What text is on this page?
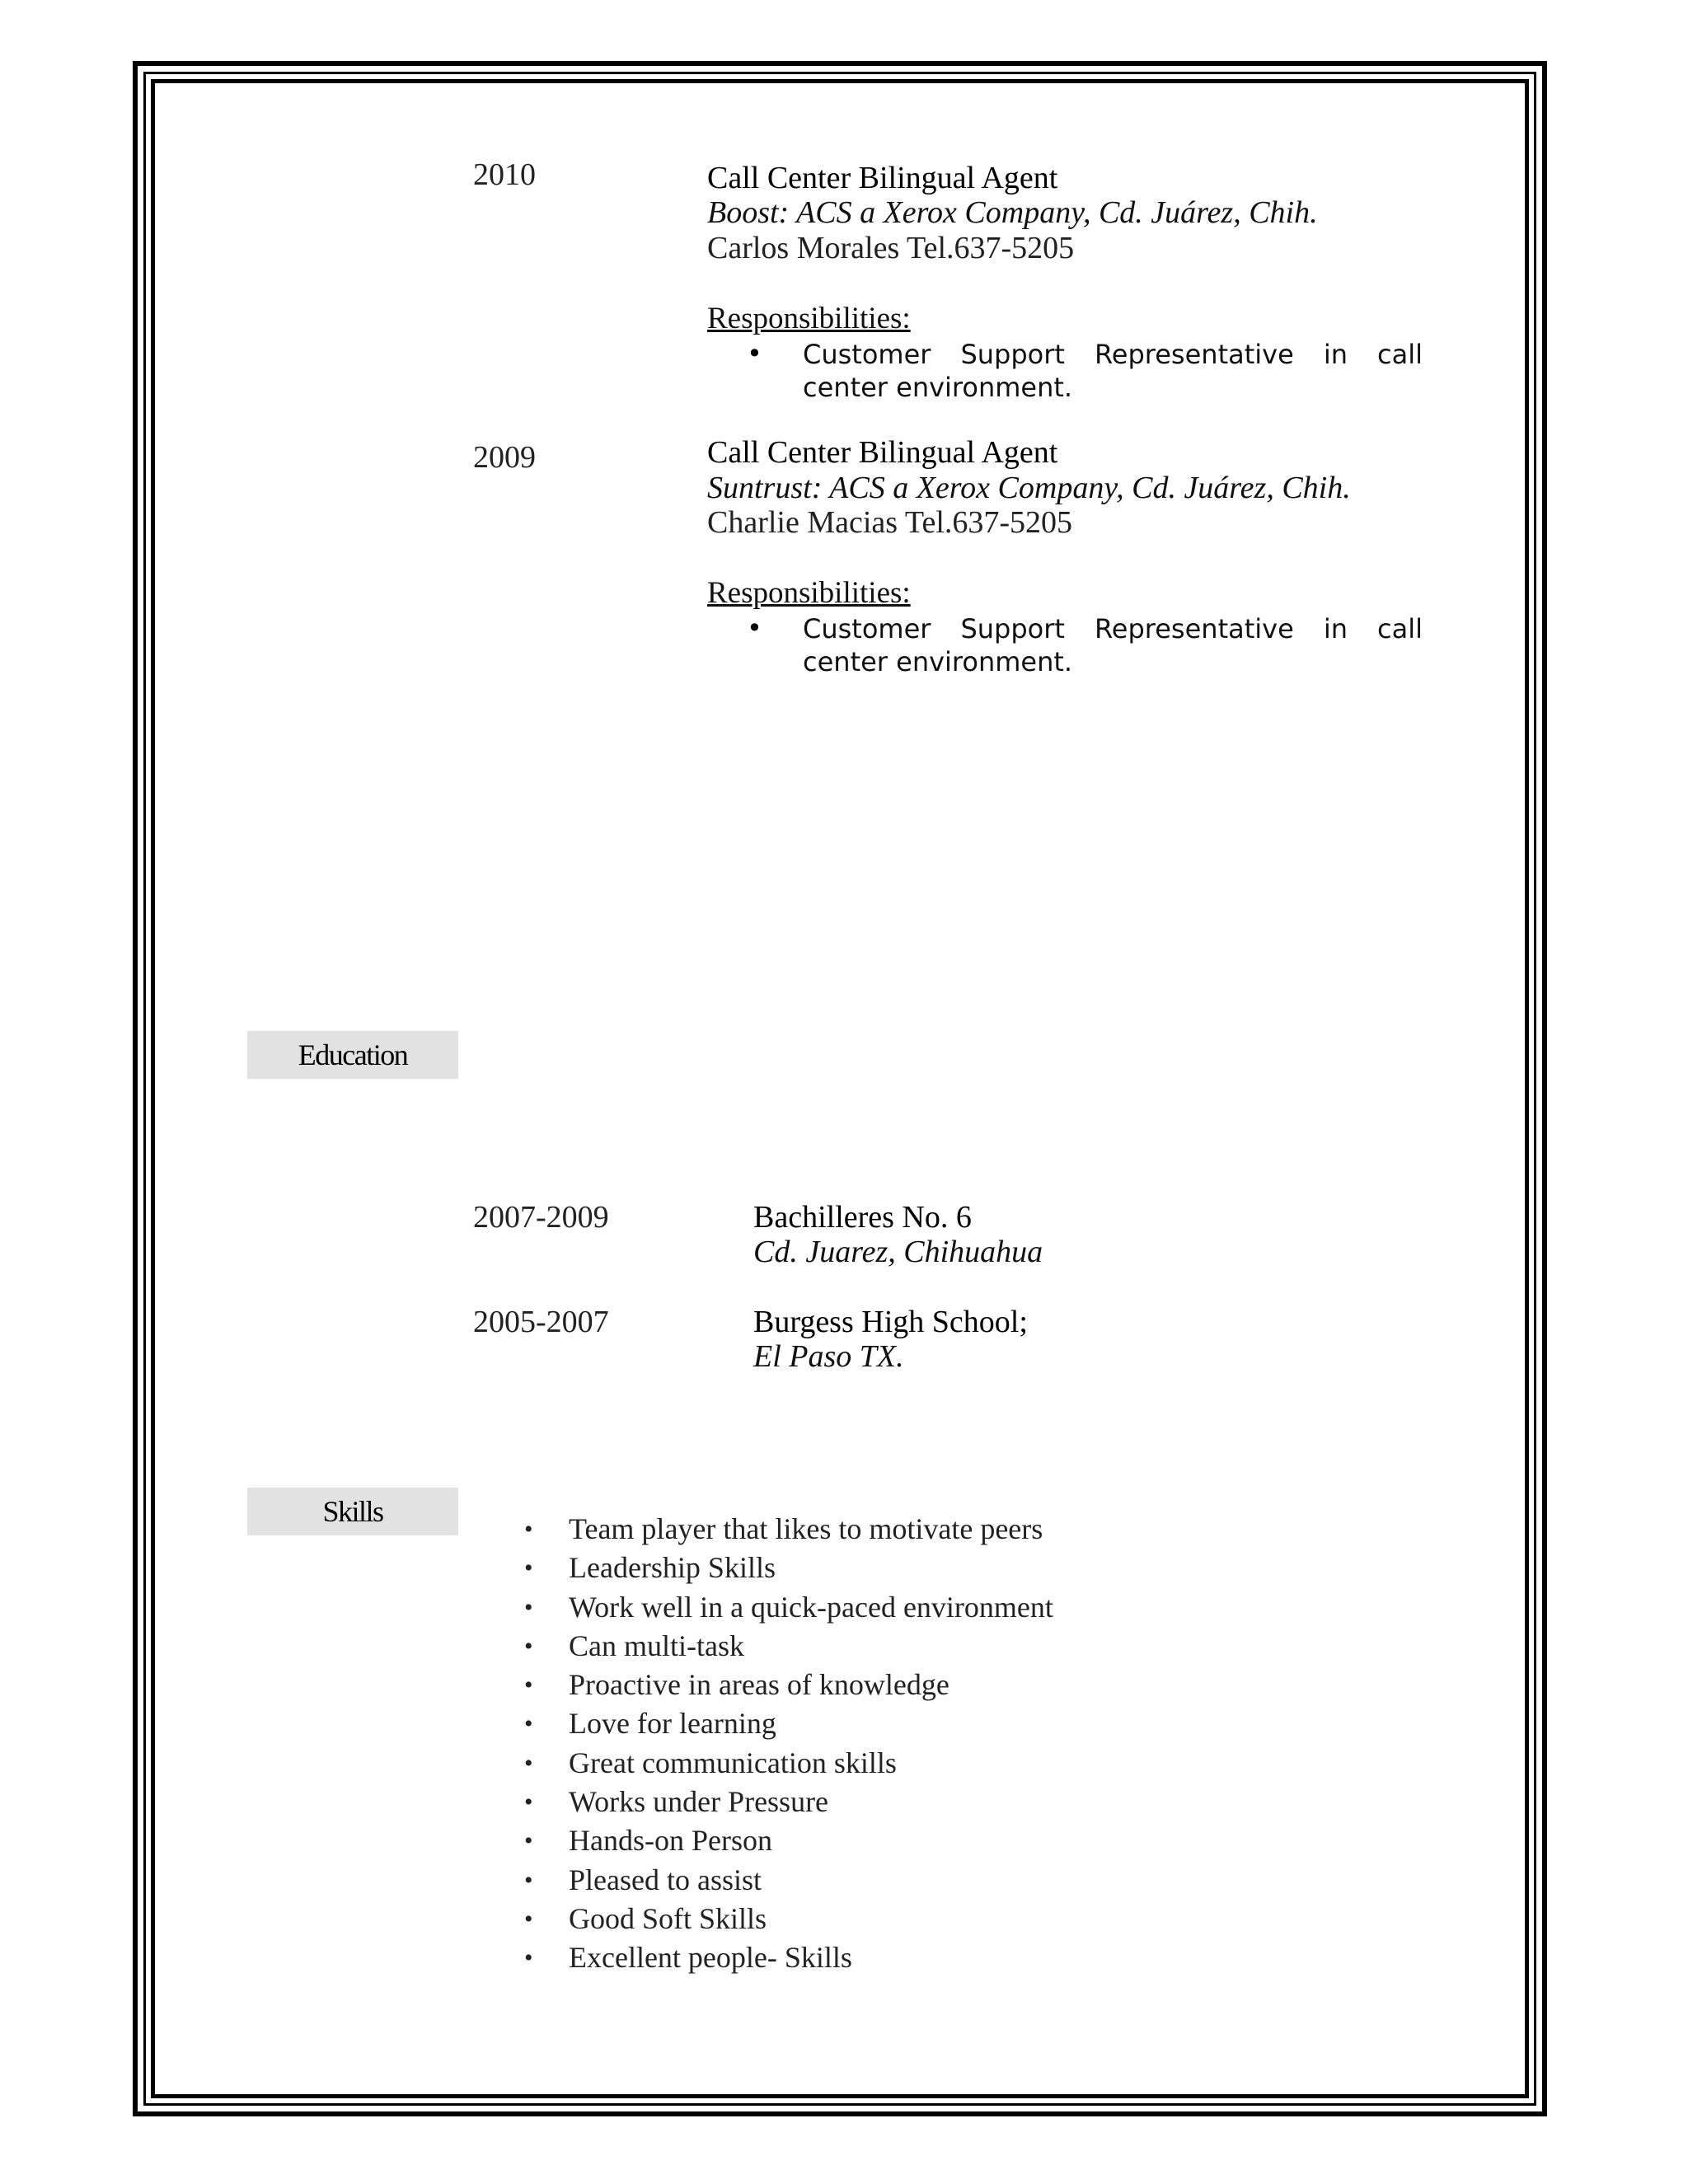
2010	Call Center Bilingual Agent
Boost: ACS a Xerox Company, Cd. Juárez, Chih.
Carlos Morales Tel.637-5205
Responsibilities:
• Customer Support Representative in call center environment.
2009	Call Center Bilingual Agent
Suntrust: ACS a Xerox Company, Cd. Juárez, Chih.
Charlie Macias Tel.637-5205
Responsibilities:
• Customer Support Representative in call center environment.
Education
2007-2009	Bachilleres No. 6
Cd. Juarez, Chihuahua
2005-2007	Burgess High School;
El Paso TX.
Skills
• Team player that likes to motivate peers
• Leadership Skills
• Work well in a quick-paced environment
• Can multi-task
• Proactive in areas of knowledge
• Love for learning
• Great communication skills
• Works under Pressure
• Hands-on Person
• Pleased to assist
• Good Soft Skills
• Excellent people- Skills
